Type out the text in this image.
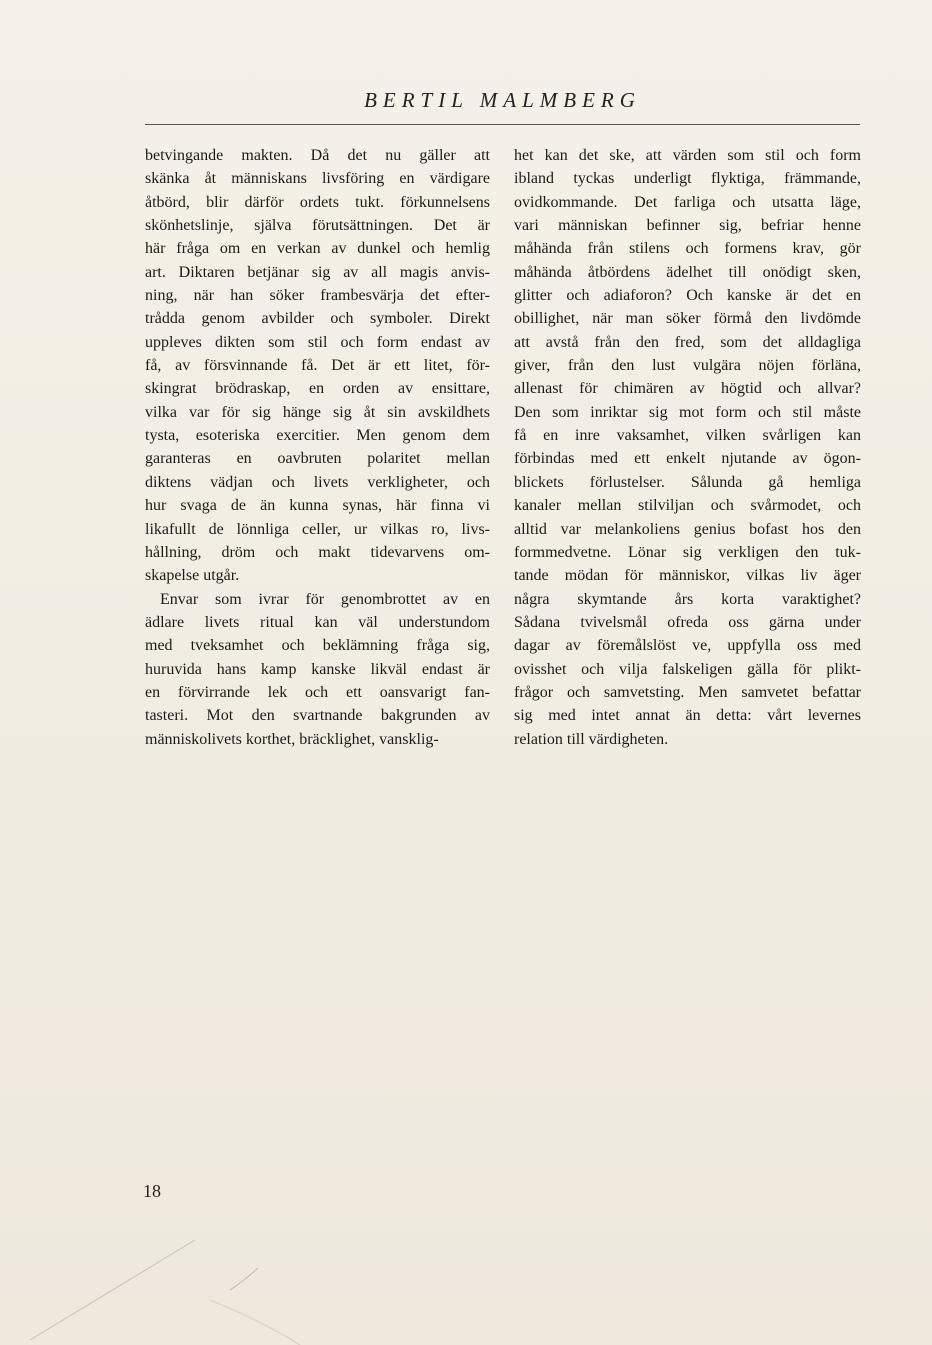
BERTIL MALMBERG

betvingande makten. Då det nu gäller att
skänka åt människans livsföring en värdigare
åtbörd, blir därför ordets tukt. förkunnelsens
skönhetslinje, själva förutsättningen. Det är
här fråga om en verkan av dunkel och hemlig
art. Diktaren betjänar sig av all magis anvis-
ning, när han söker frambesvärja det efter-
trådda genom avbilder och symboler. Direkt
uppleves dikten som stil och form endast av
få, av försvinnande få. Det är ett litet, för-
skingrat brödraskap, en orden av ensittare,
vilka var för sig hänge sig åt sin avskildhets
tysta, esoteriska exercitier. Men genom dem
garanteras en oavbruten polaritet mellan
diktens vädjan och livets verkligheter, och
hur svaga de än kunna synas, här finna vi
likafullt de lönnliga celler, ur vilkas ro, livs-
hållning, dröm och makt tidevarvens om-
skapelse utgår.

Envar som ivrar för genombrottet av en
ädlare livets ritual kan väl understundom
med tveksamhet och beklämning fråga sig,
huruvida hans kamp kanske likväl endast är
en förvirrande lek och ett oansvarigt fan-
tasteri. Mot den svartnande bakgrunden av
människolivets korthet, bräcklighet, vansklig-

het kan det ske, att värden som stil och form
ibland tyckas underligt flyktiga, främmande,
ovidkommande. Det farliga och utsatta läge,
vari människan befinner sig, befriar henne
måhända från stilens och formens krav, gör
måhända åtbördens ädelhet till onödigt sken,
glitter och adiaforon? Och kanske är det en
obillighet, när man söker förmå den livdömde
att avstå från den fred, som det alldagliga
giver, från den lust vulgära nöjen förläna,
allenast för chimären av högtid och allvar?
Den som inriktar sig mot form och stil måste
få en inre vaksamhet, vilken svårligen kan
förbindas med ett enkelt njutande av ögon-
blickets förlustelser. Sålunda gå hemliga
kanaler mellan stilviljan och svårmodet, och
alltid var melankoliens genius bofast hos den
formmedvetne. Lönar sig verkligen den tuk-
tande mödan för människor, vilkas liv äger
några skymtande års korta varaktighet?
Sådana tvivelsmål ofreda oss gärna under
dagar av föremålslöst ve, uppfylla oss med
ovisshet och vilja falskeligen gälla för plikt-
frågor och samvetsting. Men samvetet befattar
sig med intet annat än detta: vårt levernes
relation till värdigheten.

18
